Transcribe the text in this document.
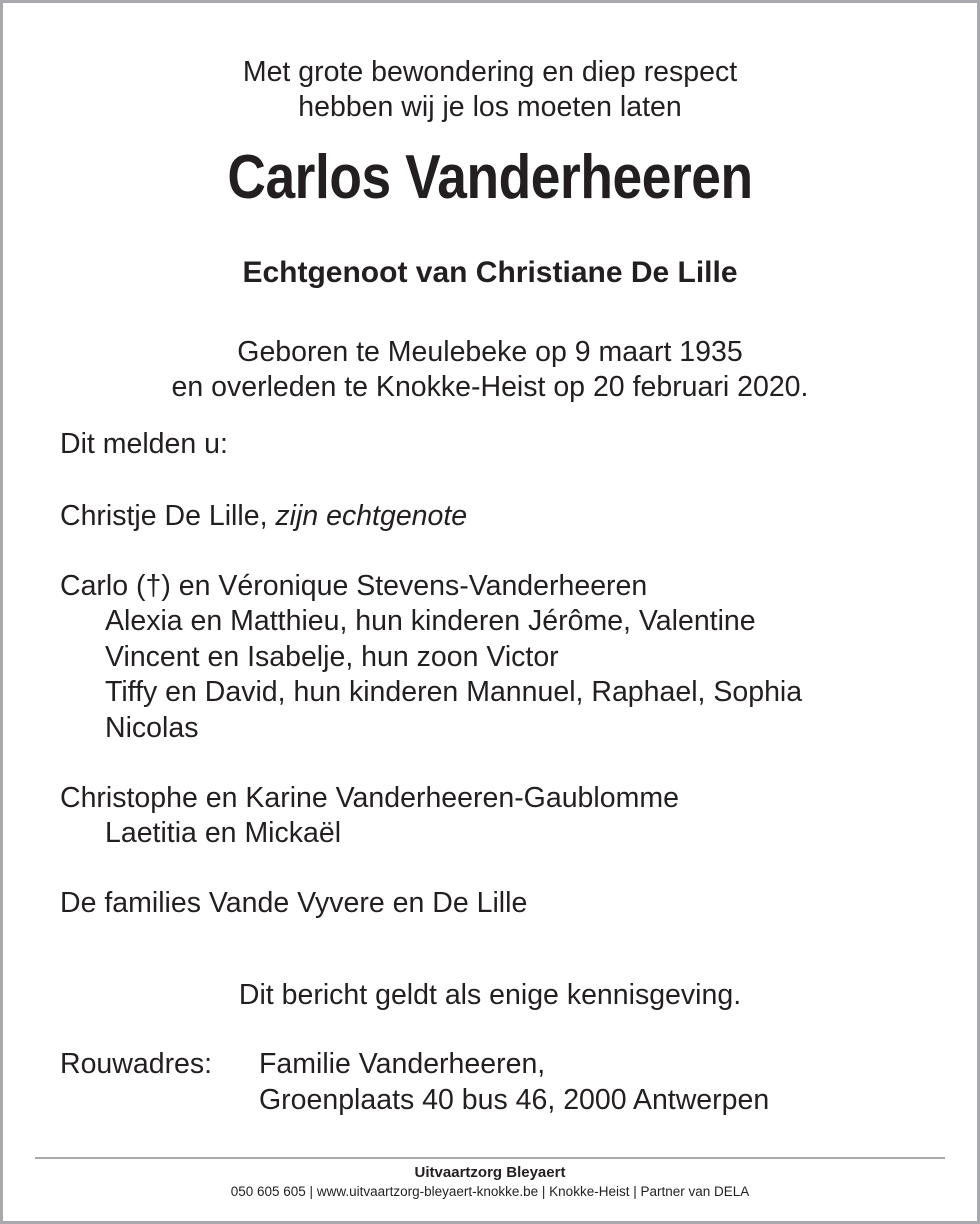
Met grote bewondering en diep respect
hebben wij je los moeten laten
Carlos Vanderheeren
Echtgenoot van Christiane De Lille
Geboren te Meulebeke op 9 maart 1935
en overleden te Knokke-Heist op 20 februari 2020.
Dit melden u:
Christje De Lille, zijn echtgenote
Carlo (†) en Véronique Stevens-Vanderheeren
Alexia en Matthieu, hun kinderen Jérôme, Valentine
Vincent en Isabelje, hun zoon Victor
Tiffy en David, hun kinderen Mannuel, Raphael, Sophia
Nicolas
Christophe en Karine Vanderheeren-Gaublomme
Laetitia en Mickaël
De families Vande Vyvere en De Lille
Dit bericht geldt als enige kennisgeving.
Rouwadres: Familie Vanderheeren,
Groenplaats 40 bus 46, 2000 Antwerpen
Uitvaartzorg Bleyaert
050 605 605 | www.uitvaartzorg-bleyaert-knokke.be | Knokke-Heist | Partner van DELA
